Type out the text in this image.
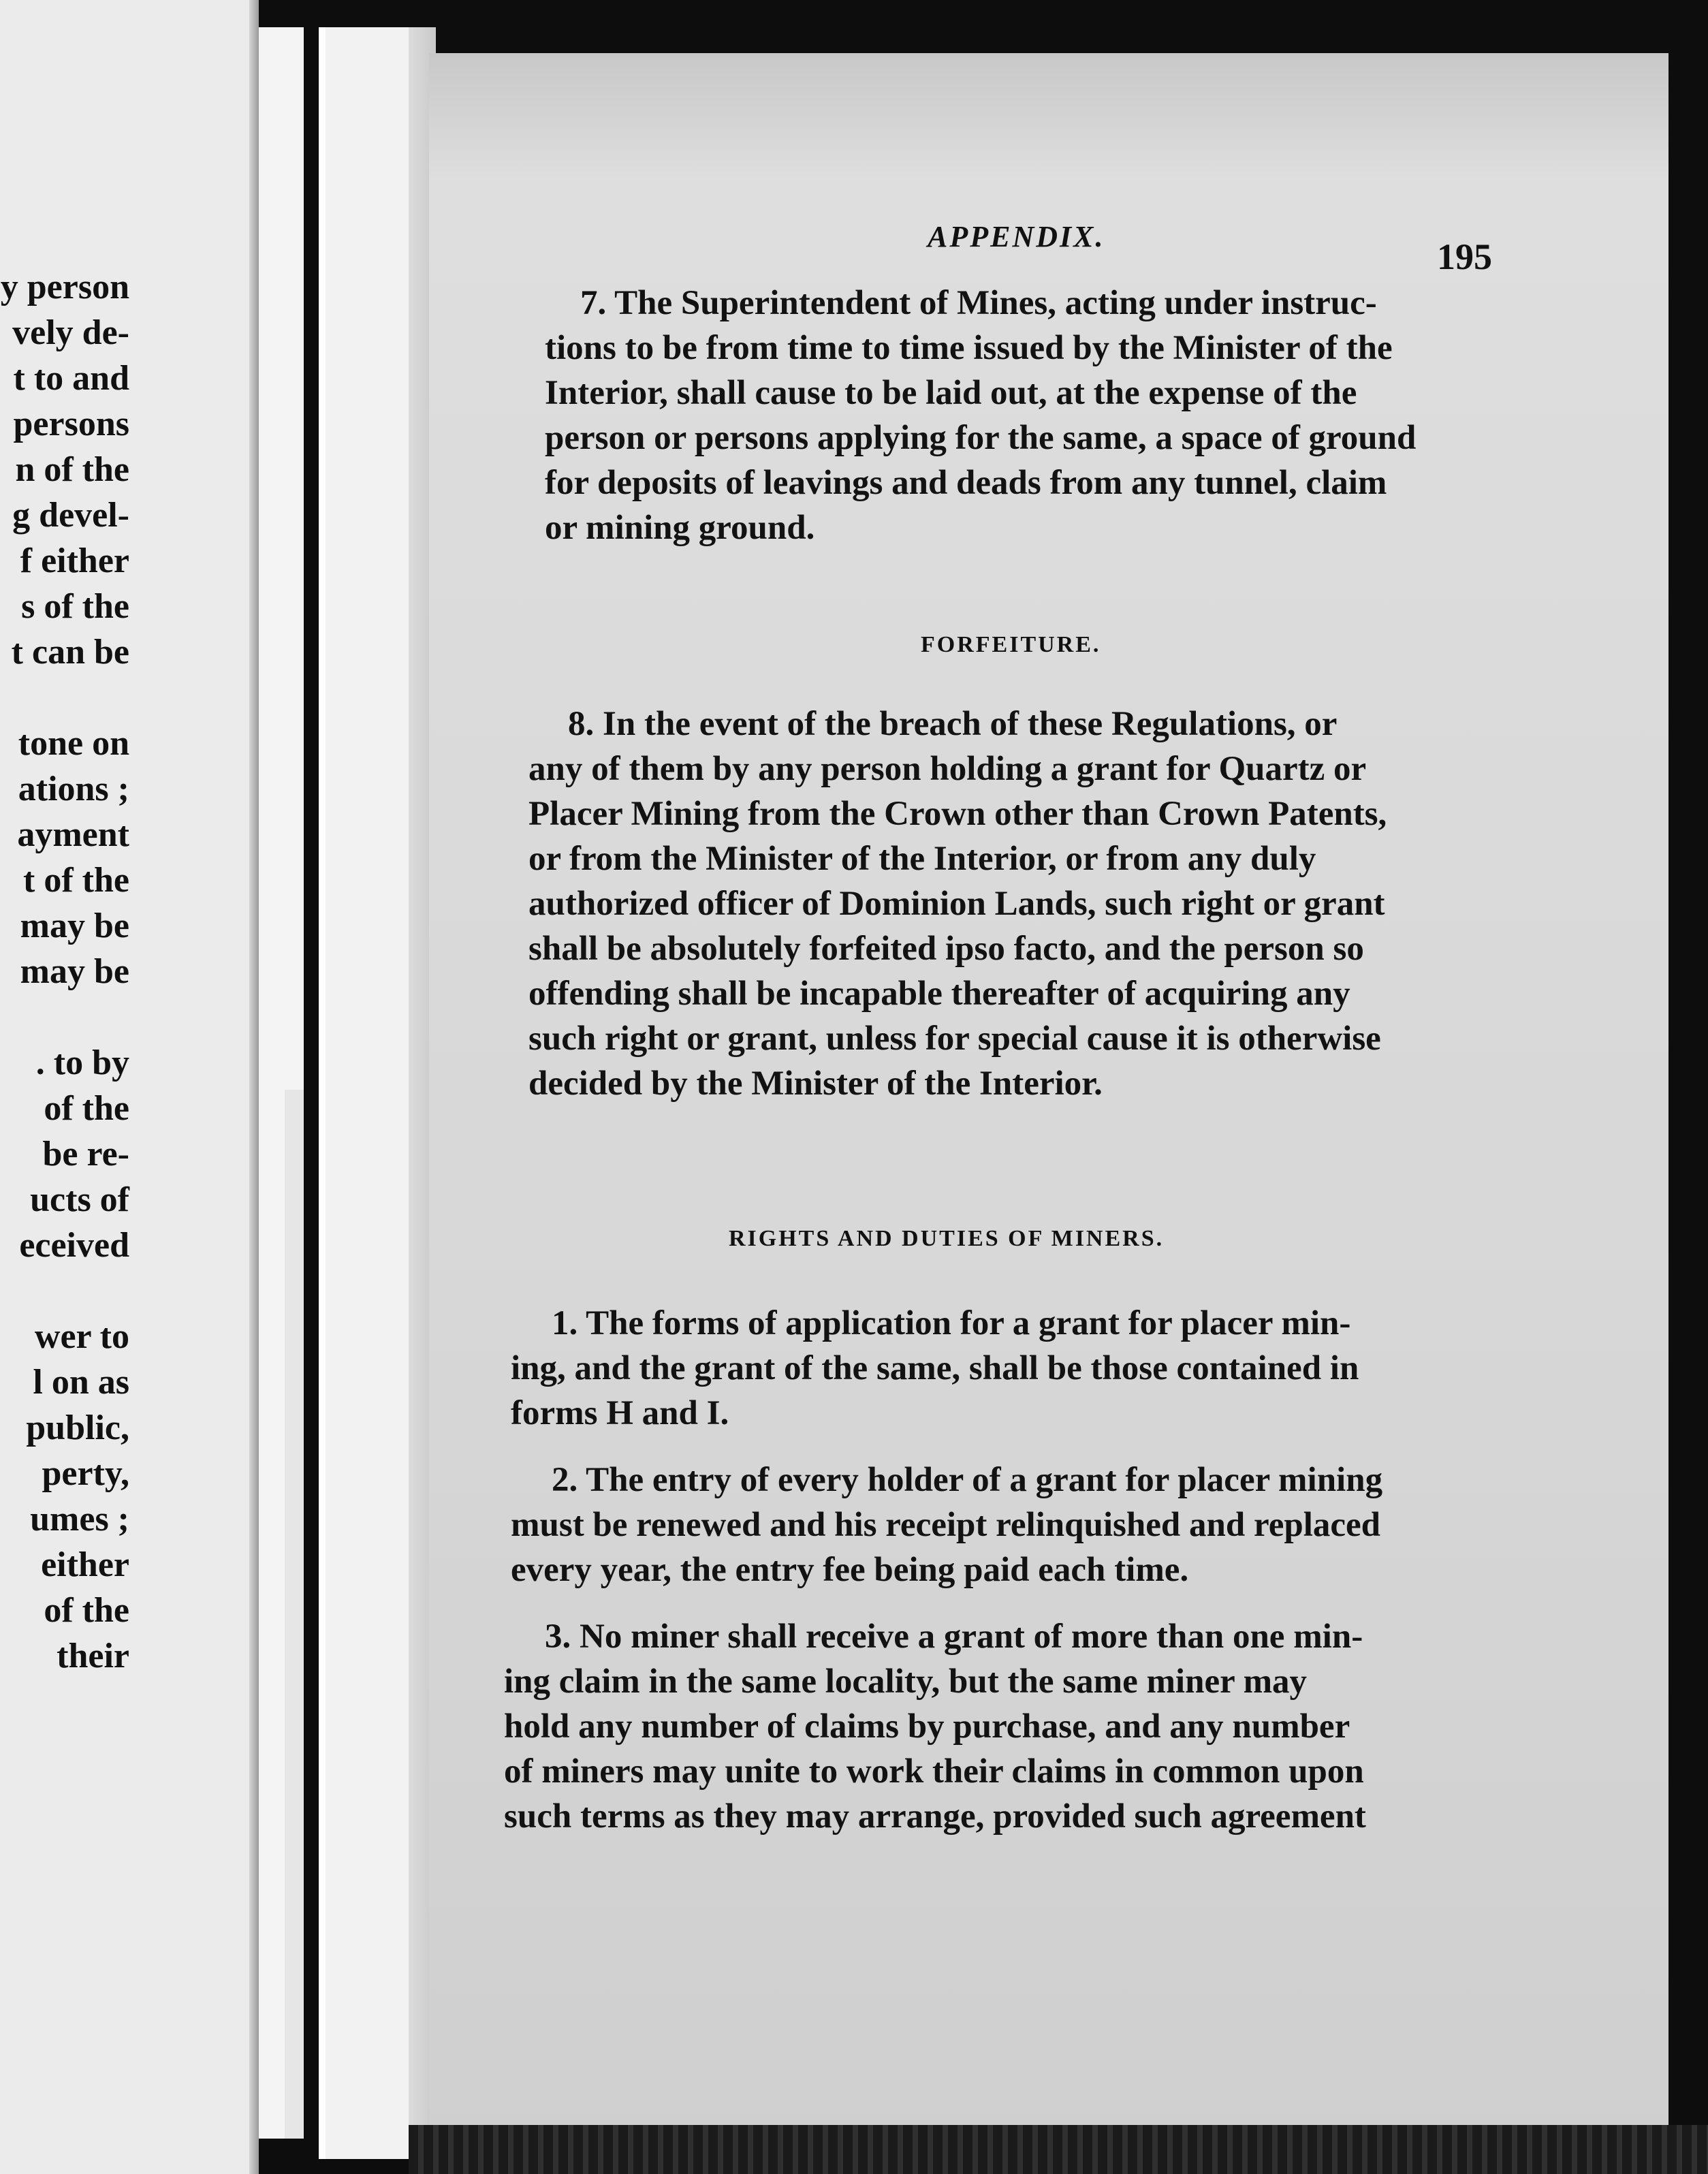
y person
vely de-
t to and
persons
n of the
g devel-
f either
s of the
t can be
tone on
ations ;
ayment
t of the
may be
may be
. to by
of the
be re-
ucts of
eceived
wer to
l on as
public,
perty,
umes ;
either
of the
their
APPENDIX.	195
7. The Superintendent of Mines, acting under instruc-
tions to be from time to time issued by the Minister of the
Interior, shall cause to be laid out, at the expense of the
person or persons applying for the same, a space of ground
for deposits of leavings and deads from any tunnel, claim
or mining ground.
FORFEITURE.
8. In the event of the breach of these Regulations, or
any of them by any person holding a grant for Quartz or
Placer Mining from the Crown other than Crown Patents,
or from the Minister of the Interior, or from any duly
authorized officer of Dominion Lands, such right or grant
shall be absolutely forfeited ipso facto, and the person so
offending shall be incapable thereafter of acquiring any
such right or grant, unless for special cause it is otherwise
decided by the Minister of the Interior.
RIGHTS AND DUTIES OF MINERS.
1. The forms of application for a grant for placer min-
ing, and the grant of the same, shall be those contained in
forms H and I.
2. The entry of every holder of a grant for placer mining
must be renewed and his receipt relinquished and replaced
every year, the entry fee being paid each time.
3. No miner shall receive a grant of more than one min-
ing claim in the same locality, but the same miner may
hold any number of claims by purchase, and any number
of miners may unite to work their claims in common upon
such terms as they may arrange, provided such agreement
